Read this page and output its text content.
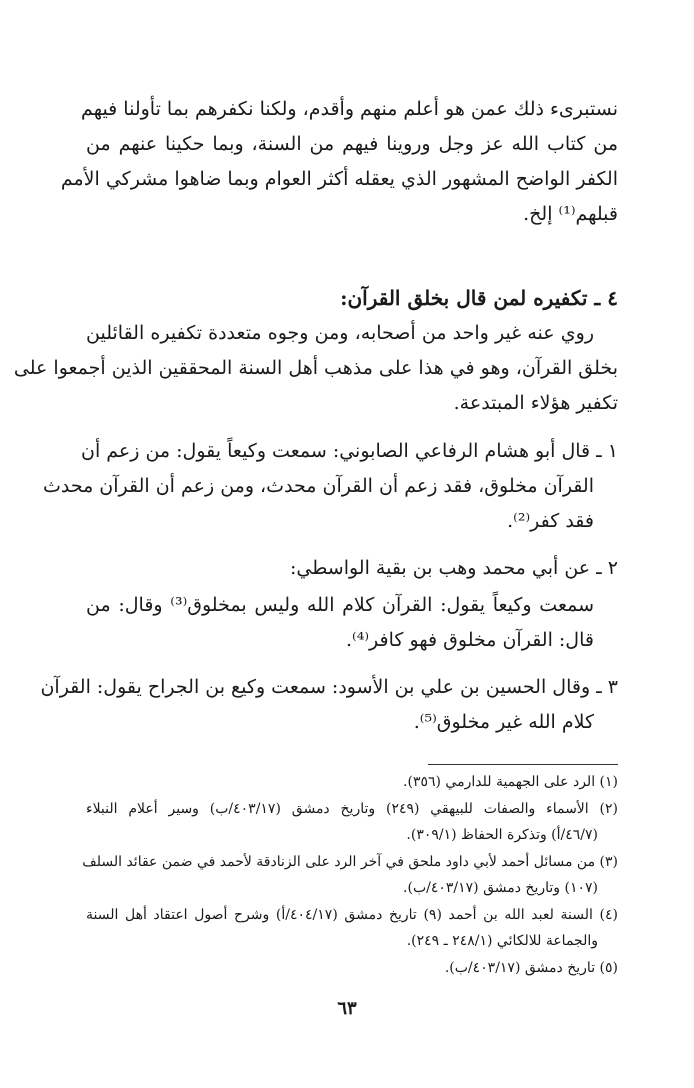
نستبرىء ذلك عمن هو أعلم منهم وأقدم، ولكنا نكفرهم بما تأولنا فيهم
من كتاب الله عز وجل وروينا فيهم من السنة، وبما حكينا عنهم من
الكفر الواضح المشهور الذي يعقله أكثر العوام وبما ضاهوا مشركي الأمم
قبلهم⁽¹⁾ إلخ.
٤ ـ تكفيره لمن قال بخلق القرآن:
روي عنه غير واحد من أصحابه، ومن وجوه متعددة تكفيره القائلين
بخلق القرآن، وهو في هذا على مذهب أهل السنة المحققين الذين أجمعوا على
تكفير هؤلاء المبتدعة.
١ ـ قال أبو هشام الرفاعي الصابوني: سمعت وكيعاً يقول: من زعم أن
القرآن مخلوق، فقد زعم أن القرآن محدث، ومن زعم أن القرآن محدث
فقد كفر⁽²⁾.
٢ ـ عن أبي محمد وهب بن بقية الواسطي:
سمعت وكيعاً يقول: القرآن كلام الله وليس بمخلوق⁽³⁾ وقال: من
قال: القرآن مخلوق فهو كافر⁽⁴⁾.
٣ ـ وقال الحسين بن علي بن الأسود: سمعت وكيع بن الجراح يقول: القرآن
كلام الله غير مخلوق⁽⁵⁾.
(١) الرد على الجهمية للدارمي (٣٥٦).
(٢) الأسماء والصفات للبيهقي (٢٤٩) وتاريخ دمشق (٤٠٣/١٧/ب) وسير أعلام النبلاء
(٤٦/٧/أ) وتذكرة الحفاظ (٣٠٩/١).
(٣) من مسائل أحمد لأبي داود ملحق في آخر الرد على الزنادقة لأحمد في ضمن عقائد السلف
(١٠٧) وتاريخ دمشق (٤٠٣/١٧/ب).
(٤) السنة لعبد الله بن أحمد (٩) تاريخ دمشق (٤٠٤/١٧/أ) وشرح أصول اعتقاد أهل السنة
والجماعة للالكائي (٢٤٨/١ ـ ٢٤٩).
(٥) تاريخ دمشق (٤٠٣/١٧/ب).
٦٣
